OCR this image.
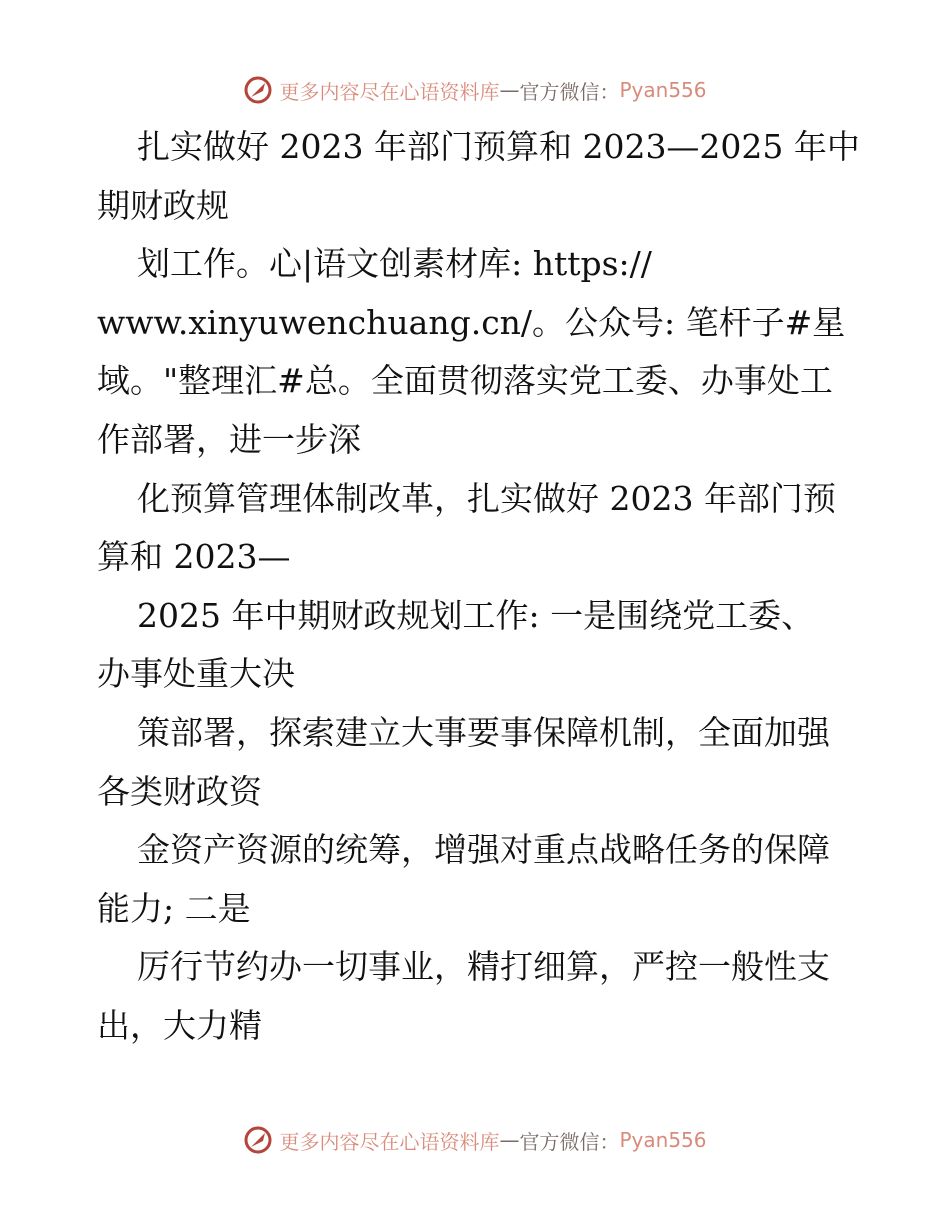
更多内容尽在心语资料库 — 官方微信： Pyan556
扎实做好 2023 年部门预算和 2023—2025 年中
期财政规
划工作。心|语文创素材库: https://
www.xinyuwenchuang.cn/。公众号: 笔杆子#星
域。"整理汇#总。全面贯彻落实党工委、办事处工
作部署，进一步深
化预算管理体制改革，扎实做好 2023 年部门预
算和 2023—
2025 年中期财政规划工作: 一是围绕党工委、
办事处重大决
策部署，探索建立大事要事保障机制，全面加强
各类财政资
金资产资源的统筹，增强对重点战略任务的保障
能力; 二是
厉行节约办一切事业，精打细算，严控一般性支
出，大力精
更多内容尽在心语资料库 — 官方微信： Pyan556
